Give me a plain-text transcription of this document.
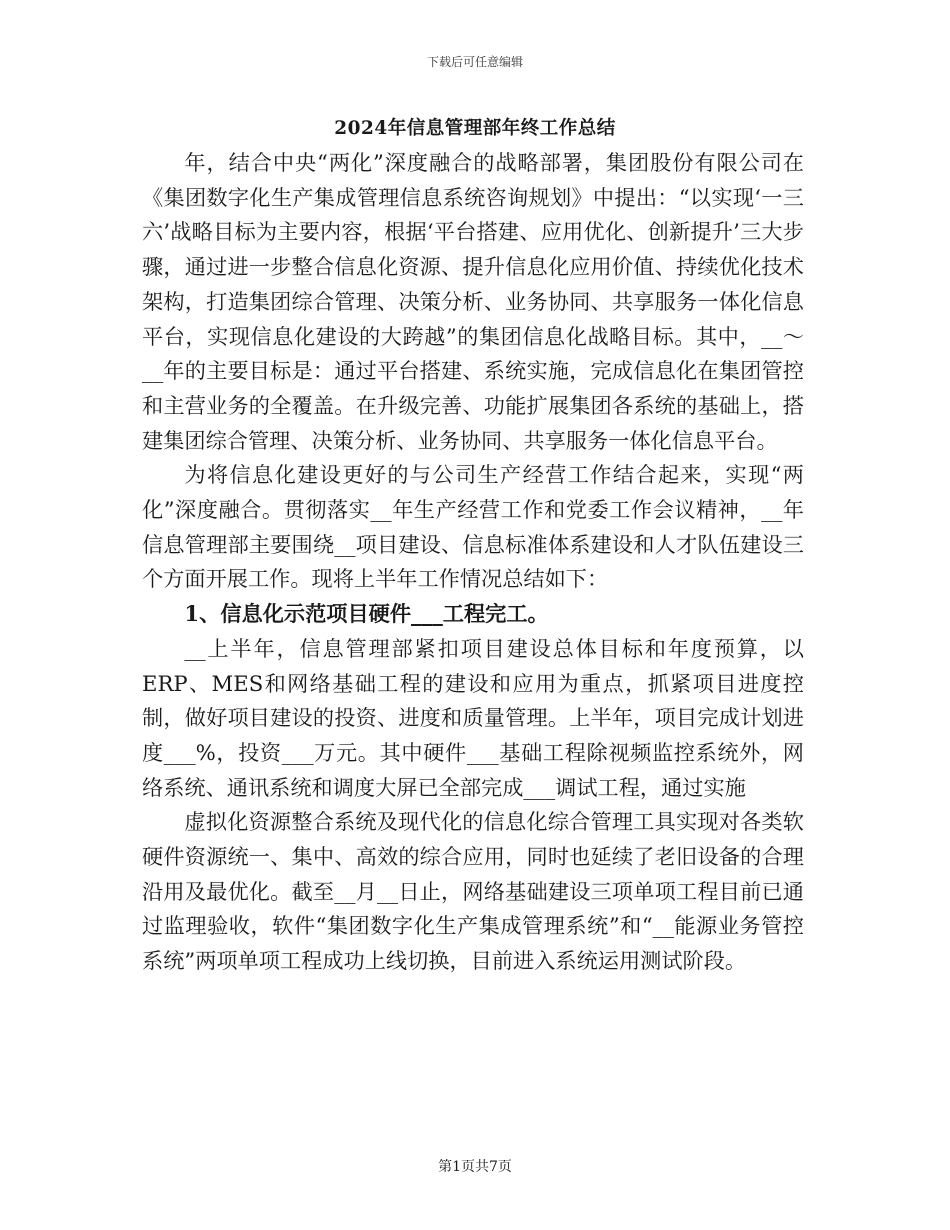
下载后可任意编辑
2024年信息管理部年终工作总结

年，结合中央“两化”深度融合的战略部署，集团股份有限公司在《集团数字化生产集成管理信息系统咨询规划》中提出：“以实现‘一三六’战略目标为主要内容，根据‘平台搭建、应用优化、创新提升’三大步骤，通过进一步整合信息化资源、提升信息化应用价值、持续优化技术架构，打造集团综合管理、决策分析、业务协同、共享服务一体化信息平台，实现信息化建设的大跨越”的集团信息化战略目标。其中，__～__年的主要目标是：通过平台搭建、系统实施，完成信息化在集团管控和主营业务的全覆盖。在升级完善、功能扩展集团各系统的基础上，搭建集团综合管理、决策分析、业务协同、共享服务一体化信息平台。

为将信息化建设更好的与公司生产经营工作结合起来，实现“两化”深度融合。贯彻落实__年生产经营工作和党委工作会议精神，__年信息管理部主要围绕__项目建设、信息标准体系建设和人才队伍建设三个方面开展工作。现将上半年工作情况总结如下：

1、信息化示范项目硬件___工程完工。

__上半年，信息管理部紧扣项目建设总体目标和年度预算，以ERP、MES和网络基础工程的建设和应用为重点，抓紧项目进度控制，做好项目建设的投资、进度和质量管理。上半年，项目完成计划进度___%，投资___万元。其中硬件___基础工程除视频监控系统外，网络系统、通讯系统和调度大屏已全部完成___调试工程，通过实施

虚拟化资源整合系统及现代化的信息化综合管理工具实现对各类软硬件资源统一、集中、高效的综合应用，同时也延续了老旧设备的合理沿用及最优化。截至__月__日止，网络基础建设三项单项工程目前已通过监理验收，软件“集团数字化生产集成管理系统”和“__能源业务管控系统”两项单项工程成功上线切换，目前进入系统运用测试阶段。

第1页共7页
